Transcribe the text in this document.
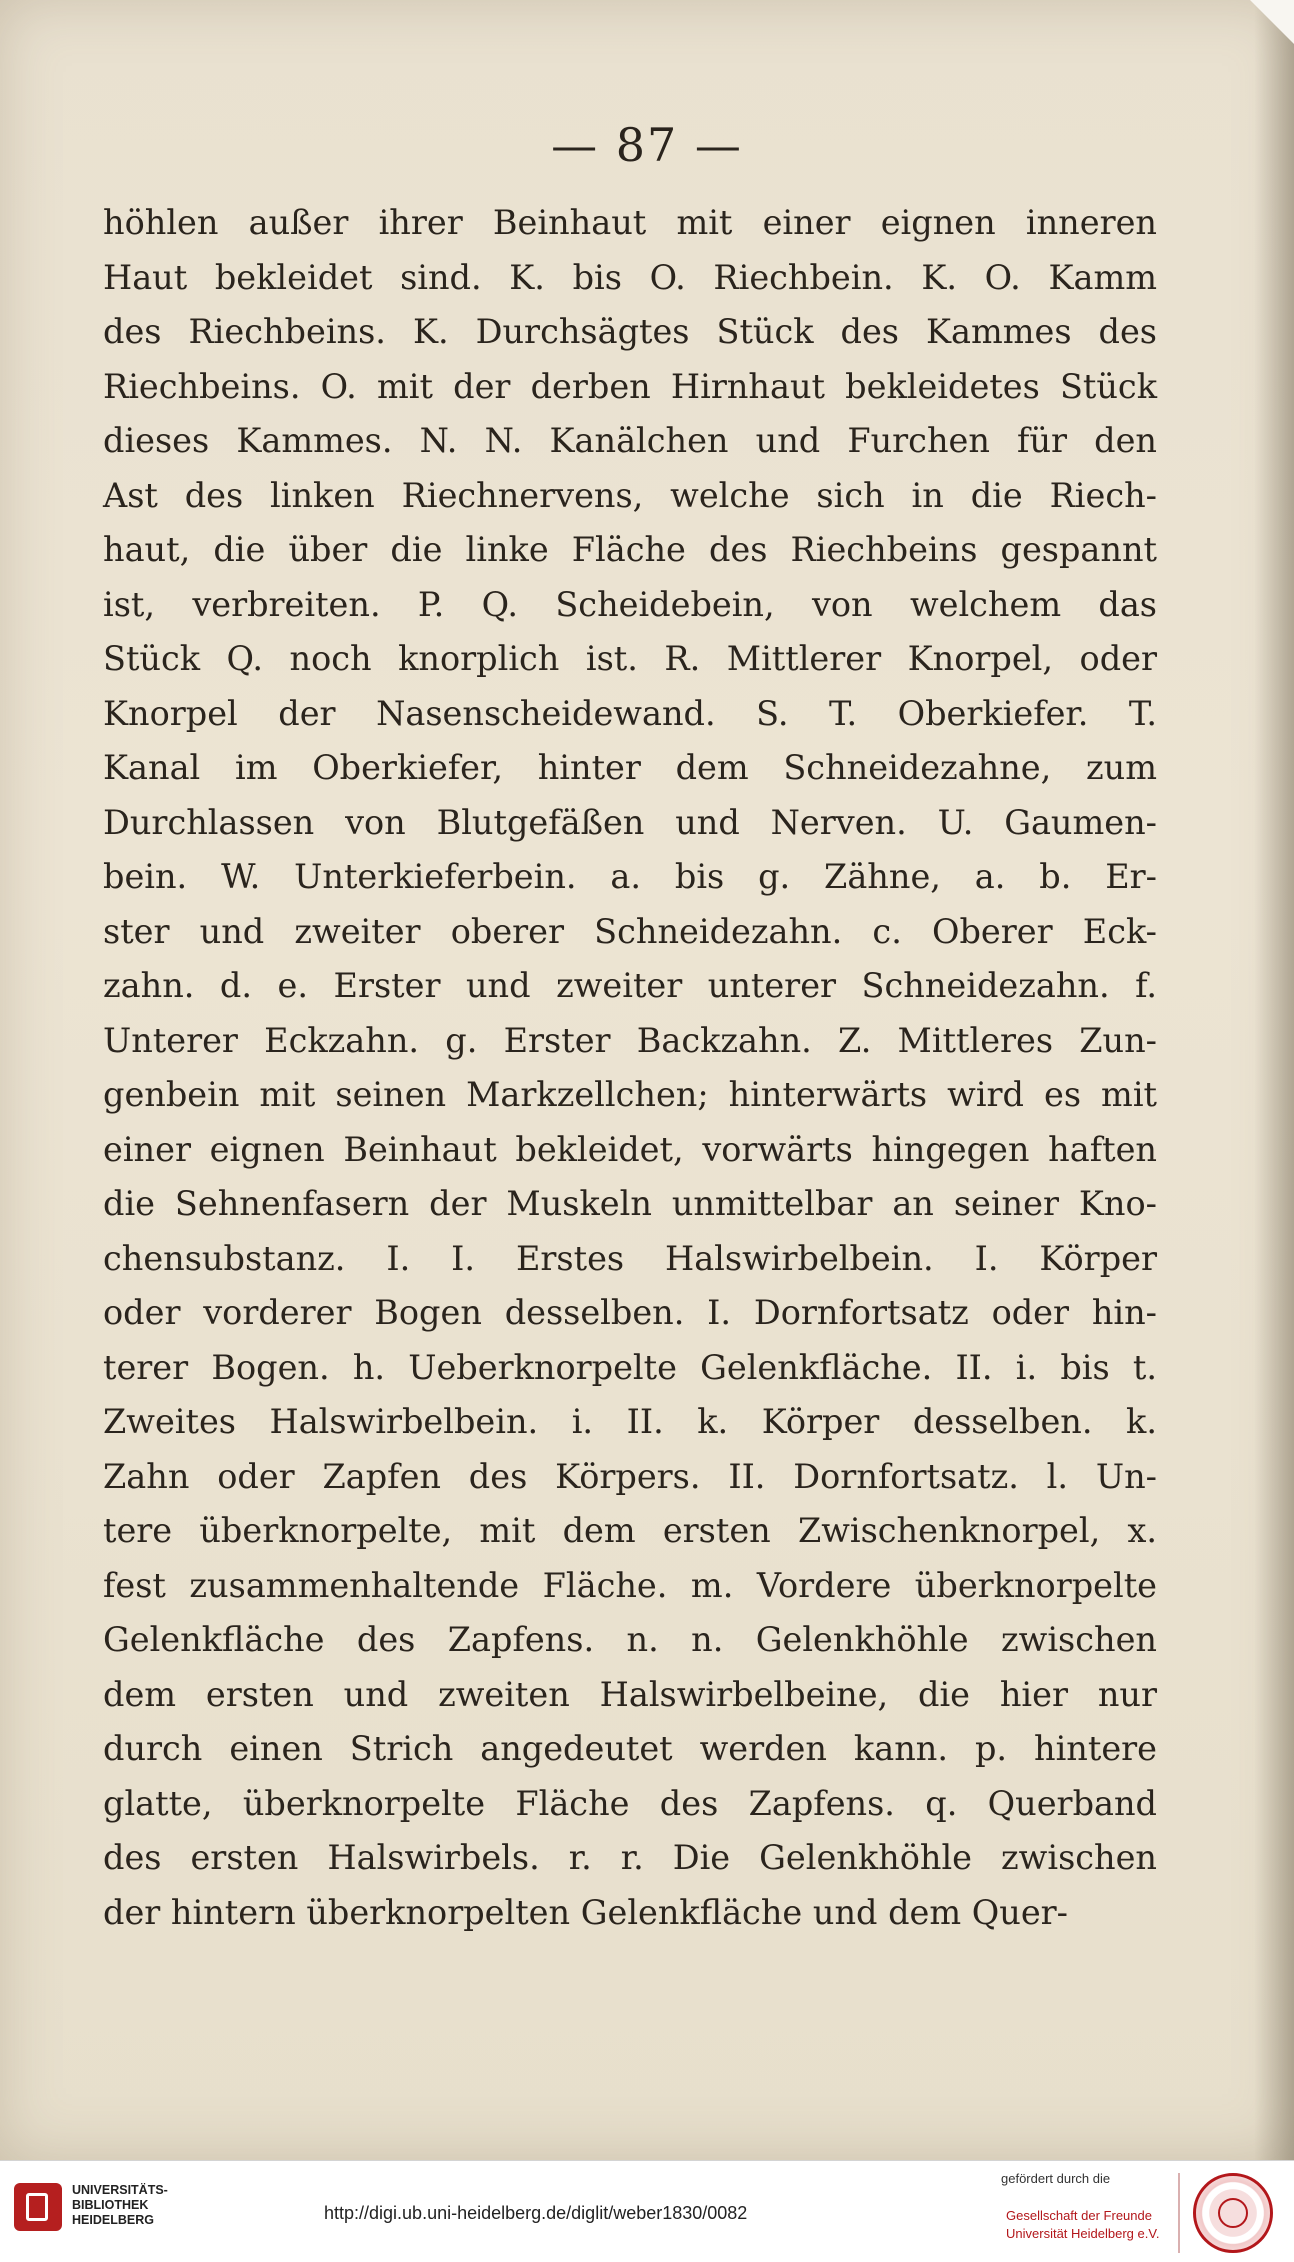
— 87 —
höhlen außer ihrer Beinhaut mit einer eignen inneren
Haut bekleidet sind. K. bis O. Riechbein. K. O. Kamm
des Riechbeins. K. Durchsägtes Stück des Kammes des
Riechbeins. O. mit der derben Hirnhaut bekleidetes Stück
dieses Kammes. N. N. Kanälchen und Furchen für den
Ast des linken Riechnervens, welche sich in die Riech-
haut, die über die linke Fläche des Riechbeins gespannt
ist, verbreiten. P. Q. Scheidebein, von welchem das
Stück Q. noch knorplich ist. R. Mittlerer Knorpel, oder
Knorpel der Nasenscheidewand. S. T. Oberkiefer. T.
Kanal im Oberkiefer, hinter dem Schneidezahne, zum
Durchlassen von Blutgefäßen und Nerven. U. Gaumen-
bein. W. Unterkieferbein. a. bis g. Zähne, a. b. Er-
ster und zweiter oberer Schneidezahn. c. Oberer Eck-
zahn. d. e. Erster und zweiter unterer Schneidezahn. f.
Unterer Eckzahn. g. Erster Backzahn. Z. Mittleres Zun-
genbein mit seinen Markzellchen; hinterwärts wird es mit
einer eignen Beinhaut bekleidet, vorwärts hingegen haften
die Sehnenfasern der Muskeln unmittelbar an seiner Kno-
chensubstanz. I. I. Erstes Halswirbelbein. I. Körper
oder vorderer Bogen desselben. I. Dornfortsatz oder hin-
terer Bogen. h. Ueberknorpelte Gelenkfläche. II. i. bis t.
Zweites Halswirbelbein. i. II. k. Körper desselben. k.
Zahn oder Zapfen des Körpers. II. Dornfortsatz. l. Un-
tere überknorpelte, mit dem ersten Zwischenknorpel, x.
fest zusammenhaltende Fläche. m. Vordere überknorpelte
Gelenkfläche des Zapfens. n. n. Gelenkhöhle zwischen
dem ersten und zweiten Halswirbelbeine, die hier nur
durch einen Strich angedeutet werden kann. p. hintere
glatte, überknorpelte Fläche des Zapfens. q. Querband
des ersten Halswirbels. r. r. Die Gelenkhöhle zwischen
der hintern überknorpelten Gelenkfläche und dem Quer-
UNIVERSITÄTS-
BIBLIOTHEK
HEIDELBERG	http://digi.ub.uni-heidelberg.de/diglit/weber1830/0082
gefördert durch die
Gesellschaft der Freunde
Universität Heidelberg e.V.
